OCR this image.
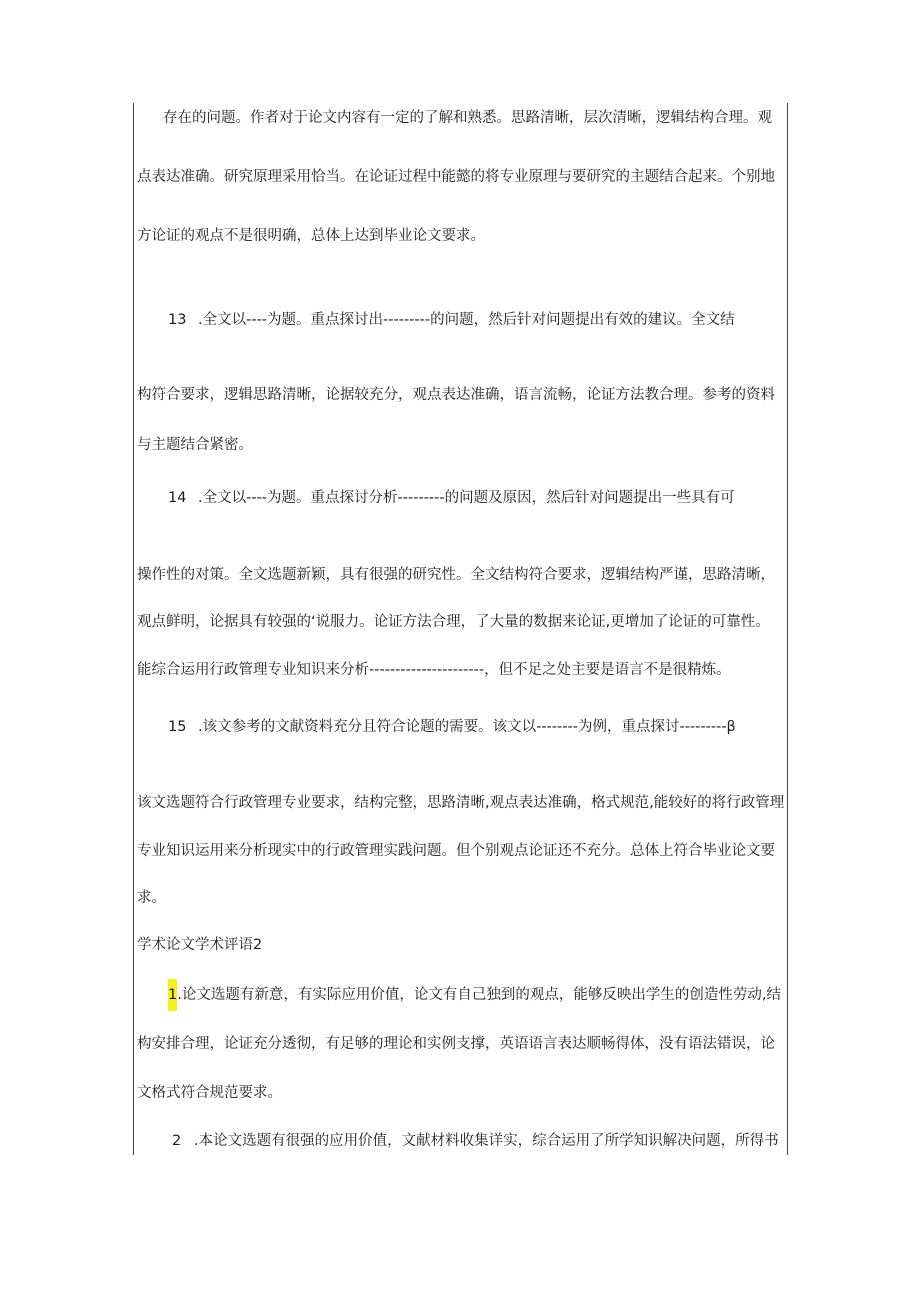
存在的问题。作者对于论文内容有一定的了解和熟悉。思路清晰，层次清晰，逻辑结构合理。观
点表达准确。研究原理采用恰当。在论证过程中能懿的将专业原理与要研究的主题结合起来。个别地
方论证的观点不是很明确，总体上达到毕业论文要求。
13 .全文以----为题。重点探讨出---------的问题，然后针对问题提出有效的建议。全文结
构符合要求，逻辑思路清晰，论据较充分，观点表达准确，语言流畅，论证方法教合理。参考的资料
与主题结合紧密。
14 .全文以----为题。重点探讨分析---------的问题及原因，然后针对问题提出一些具有可
操作性的对策。全文选题新颖，具有很强的研究性。全文结构符合要求，逻辑结构严谨，思路清晰，
观点鲜明，论据具有较强的‘说服力。论证方法合理，了大量的数据来论证,更增加了论证的可靠性。
能综合运用行政管理专业知识来分析----------------------，但不足之处主要是语言不是很精炼。
15 .该文参考的文献资料充分且符合论题的需要。该文以--------为例，重点探讨---------β
该文选题符合行政管理专业要求，结构完整，思路清晰,观点表达准确，格式规范,能较好的将行政管理
专业知识运用来分析现实中的行政管理实践问题。但个别观点论证还不充分。总体上符合毕业论文要
求。
学术论文学术评语2
1.论文选题有新意，有实际应用价值，论文有自己独到的观点，能够反映出学生的创造性劳动,结
构安排合理，论证充分透彻，有足够的理论和实例支撑，英语语言表达顺畅得体，没有语法错误，论
文格式符合规范要求。
2 .本论文选题有很强的应用价值，文献材料收集详实，综合运用了所学知识解决问题，所得书
